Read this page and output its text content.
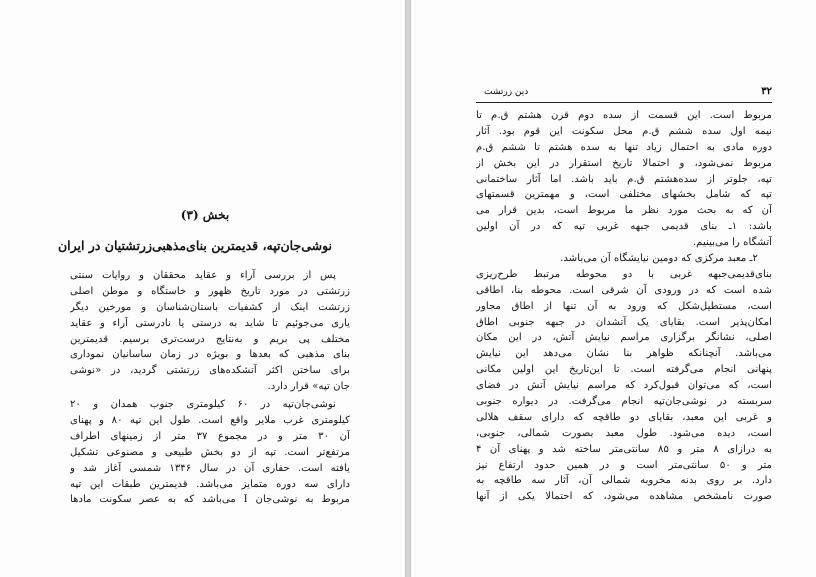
بخش (۳)
نوشی‌جان‌تپه، قدیمترین بنای‌مذهبی‌زرتشتیان در ایران
پس از بررسی آراء و عقاید محققان و روایات سنتی
زرتشتی در مورد تاریخ ظهور و خاستگاه و موطن اصلی
زرتشت اینک از کشفیات باستان‌شناسان و مورخین دیگر
یاری می‌جوئیم تا شاید به درستی یا نادرستی آراء و عقاید
مختلف پی بریم و به‌نتایج درست‌تری برسیم. قدیمترین
بنای مذهبی که بعدها و بویژه در زمان ساسانیان نموداری
برای ساختن اکثر آتشکده‌های زرتشتی گردید، در «نوشی‌
جان تپه» قرار دارد.
نوشی‌جان‌تپه در ۶۰ کیلومتری جنوب همدان و ۲۰
کیلومتری غرب ملایر واقع است. طول این تپه ۸۰ و پهنای
آن ۳۰ متر و در مجموع ۳۷ متر از زمینهای اطراف
مرتفع‌تر است. تپه از دو بخش طبیعی و مصنوعی تشکیل
یافته است. حفاری آن در سال ۱۳۴۶ شمسی آغاز شد و
دارای سه دوره متمایز می‌باشد. قدیمترین طبقات این تپه
مربوط به نوشی‌جان I می‌باشد که به عصر سکونت مادها
۳۲
دین زرتشت
مربوط است. این قسمت از سده دوم قرن هشتم ق.م تا
نیمه اول سده ششم ق.م محل سکونت این قوم بود. آثار
دوره مادی به احتمال زیاد تنها به سده هشتم تا ششم ق.م
مربوط نمی‌شود، و احتمالا تاریخ استقرار در این بخش از
تپه، جلوتر از سده‌هشتم ق.م باید باشد. اما آثار ساختمانی
تپه که شامل بخشهای مختلفی است، و مهمترین قسمتهای
آن که به بحث مورد نظر ما مربوط است، بدین قرار می‌
باشد: ۱ـ بنای قدیمی جبهه غربی تپه که در آن اولین
آتشگاه را می‌بینیم.
۲ـ معبد مرکزی که دومین نیایشگاه آن می‌باشد.
بنای‌قدیمی‌جبهه غربی با دو محوطه مرتبط طرح‌ریزی
شده است که در ورودی آن شرقی است. محوطه بنا، اطاقی
است، مستطیل‌شکل که ورود به آن تنها از اطاق مجاور
امکان‌پذیر است. بقایای یک آتشدان در جبهه جنوبی اطاق
اصلی، نشانگر برگزاری مراسم نیایش آتش، در این مکان
می‌باشد. آنچنانکه ظواهر بنا نشان می‌دهد این نیایش
پنهانی انجام می‌گرفته است. تا این‌تاریخ این اولین مکانی
است، که می‌توان قبول‌کرد که مراسم نیایش آتش در فضای
سربسته در نوشی‌جان‌تپه انجام می‌گرفت. در دیواره جنوبی
و غربی این معبد، بقایای دو طاقچه که دارای سقف هلالی
است، دیده می‌شود. طول معبد بصورت شمالی، جنوبی،
به درازای ۸ متر و ۸۵ سانتی‌متر ساخته شد و پهنای آن ۴
متر و ۵۰ سانتی‌متر است و در همین حدود ارتفاع نیز
دارد. بر روی بدنه مخروبه شمالی آن، آثار سه طاقچه به
صورت نامشخص مشاهده می‌شود، که احتمالا یکی از آنها
